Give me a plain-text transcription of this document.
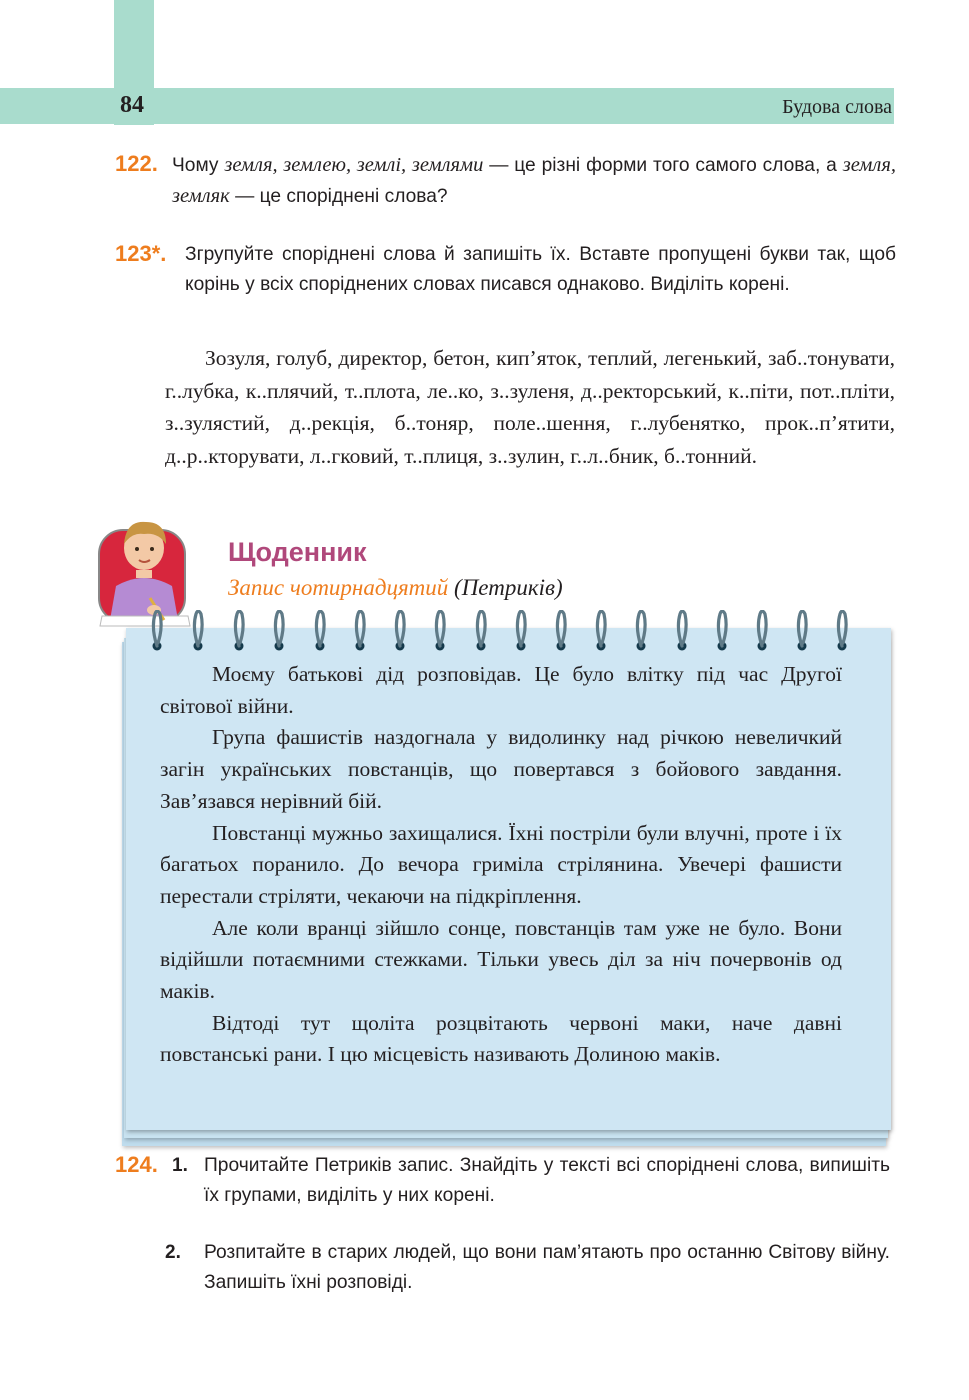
84	Будова слова
122. Чому земля, землею, землі, землями — це різні форми того самого слова, а земля, земляк — це споріднені слова?
123*. Згрупуйте споріднені слова й запишіть їх. Вставте пропущені букви так, щоб корінь у всіх споріднених словах писався однаково. Виділіть корені.
Зозуля, голуб, директор, бетон, кип’яток, теплий, легенький, заб..тонувати, г..лубка, к..плячий, т..плота, ле..ко, з..зуленя, д..ректорський, к..піти, пот..пліти, з..зулястий, д..рекція, б..тоняр, поле..шення, г..лубенятко, прок..п’ятити, д..р..кторувати, л..гковий, т..плиця, з..зулин, г..л..бник, б..тонний.
Щоденник
Запис чотирнадцятий (Петриків)

Моєму батькові дід розповідав. Це було влітку під час Другої світової війни.

Група фашистів наздогнала у видолинку над річкою невеличкий загін українських повстанців, що повертався з бойового завдання. Зав’язався нерівний бій.

Повстанці мужньо захищалися. Їхні постріли були влучні, проте і їх багатьох поранило. До вечора гриміла стрілянина. Увечері фашисти перестали стріляти, чекаючи на підкріплення.

Але коли вранці зійшло сонце, повстанців там уже не було. Вони відійшли потаємними стежками. Тільки увесь діл за ніч почервонів од маків.

Відтоді тут щоліта розцвітають червоні маки, наче давні повстанські рани. І цю місцевість називають Долиною маків.

124. 1. Прочитайте Петриків запис. Знайдіть у тексті всі споріднені слова, випишіть їх групами, виділіть у них корені.
2. Розпитайте в старих людей, що вони пам’ятають про останню Світову війну. Запишіть їхні розповіді.
